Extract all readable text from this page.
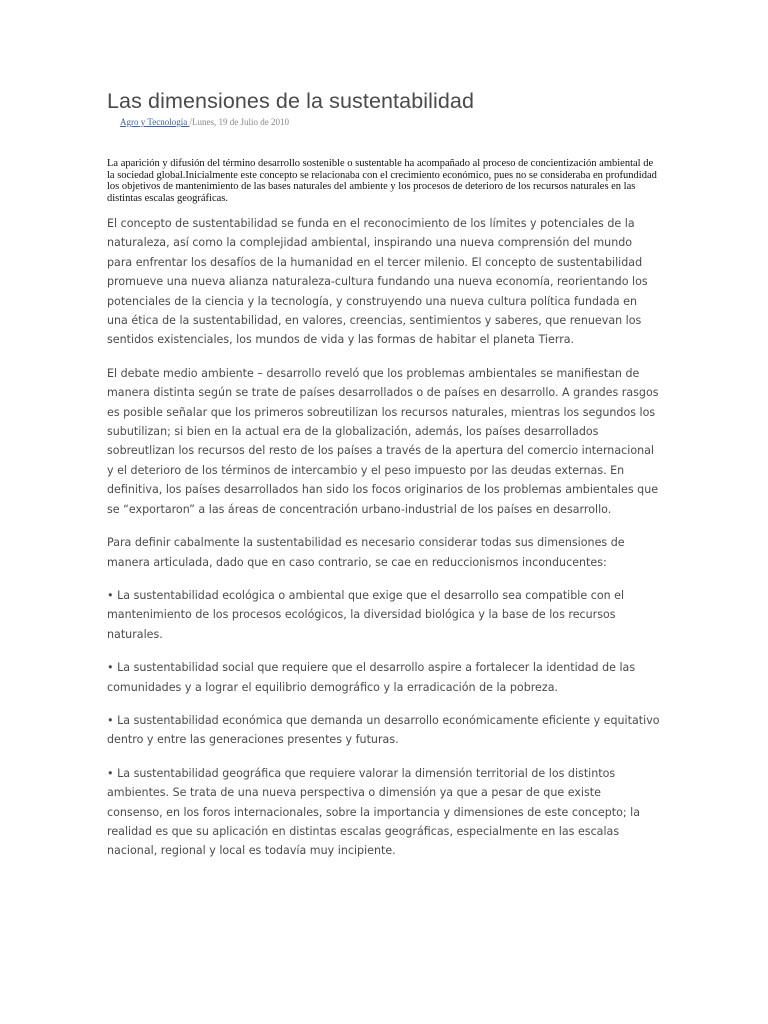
Las dimensiones de la sustentabilidad
Agro y Tecnología /Lunes, 19 de Julio de 2010

La aparición y difusión del término desarrollo sostenible o sustentable ha acompañado al proceso de concientización ambiental de la sociedad global.Inicialmente este concepto se relacionaba con el crecimiento económico, pues no se consideraba en profundidad los objetivos de mantenimiento de las bases naturales del ambiente y los procesos de deterioro de los recursos naturales en las distintas escalas geográficas.

El concepto de sustentabilidad se funda en el reconocimiento de los límites y potenciales de la naturaleza, así como la complejidad ambiental, inspirando una nueva comprensión del mundo para enfrentar los desafíos de la humanidad en el tercer milenio. El concepto de sustentabilidad promueve una nueva alianza naturaleza-cultura fundando una nueva economía, reorientando los potenciales de la ciencia y la tecnología, y construyendo una nueva cultura política fundada en una ética de la sustentabilidad, en valores, creencias, sentimientos y saberes, que renuevan los sentidos existenciales, los mundos de vida y las formas de habitar el planeta Tierra.

El debate medio ambiente – desarrollo reveló que los problemas ambientales se manifiestan de manera distinta según se trate de países desarrollados o de países en desarrollo. A grandes rasgos es posible señalar que los primeros sobreutilizan los recursos naturales, mientras los segundos los subutilizan; si bien en la actual era de la globalización, además, los países desarrollados sobreutlizan los recursos del resto de los países a través de la apertura del comercio internacional y el deterioro de los términos de intercambio y el peso impuesto por las deudas externas. En definitiva, los países desarrollados han sido los focos originarios de los problemas ambientales que se “exportaron” a las áreas de concentración urbano-industrial de los países en desarrollo.

Para definir cabalmente la sustentabilidad es necesario considerar todas sus dimensiones de manera articulada, dado que en caso contrario, se cae en reduccionismos inconducentes:

• La sustentabilidad ecológica o ambiental que exige que el desarrollo sea compatible con el mantenimiento de los procesos ecológicos, la diversidad biológica y la base de los recursos naturales.

• La sustentabilidad social que requiere que el desarrollo aspire a fortalecer la identidad de las comunidades y a lograr el equilibrio demográfico y la erradicación de la pobreza.

• La sustentabilidad económica que demanda un desarrollo económicamente eficiente y equitativo dentro y entre las generaciones presentes y futuras.

• La sustentabilidad geográfica que requiere valorar la dimensión territorial de los distintos ambientes. Se trata de una nueva perspectiva o dimensión ya que a pesar de que existe consenso, en los foros internacionales, sobre la importancia y dimensiones de este concepto; la realidad es que su aplicación en distintas escalas geográficas, especialmente en las escalas nacional, regional y local es todavía muy incipiente.
